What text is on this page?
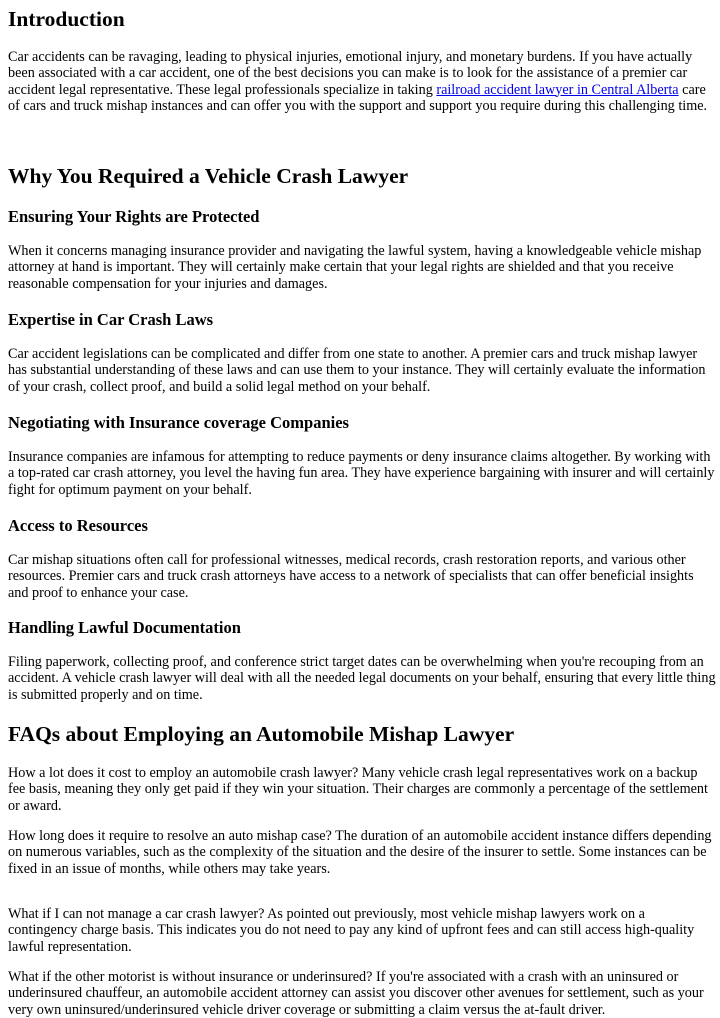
Introduction

Car accidents can be ravaging, leading to physical injuries, emotional injury, and monetary burdens. If you have actually been associated with a car accident, one of the best decisions you can make is to look for the assistance of a premier car accident legal representative. These legal professionals specialize in taking railroad accident lawyer in Central Alberta care of cars and truck mishap instances and can offer you with the support and support you require during this challenging time.

Why You Required a Vehicle Crash Lawyer
Ensuring Your Rights are Protected

When it concerns managing insurance provider and navigating the lawful system, having a knowledgeable vehicle mishap attorney at hand is important. They will certainly make certain that your legal rights are shielded and that you receive reasonable compensation for your injuries and damages.

Expertise in Car Crash Laws

Car accident legislations can be complicated and differ from one state to another. A premier cars and truck mishap lawyer has substantial understanding of these laws and can use them to your instance. They will certainly evaluate the information of your crash, collect proof, and build a solid legal method on your behalf.

Negotiating with Insurance coverage Companies

Insurance companies are infamous for attempting to reduce payments or deny insurance claims altogether. By working with a top-rated car crash attorney, you level the having fun area. They have experience bargaining with insurer and will certainly fight for optimum payment on your behalf.

Access to Resources

Car mishap situations often call for professional witnesses, medical records, crash restoration reports, and various other resources. Premier cars and truck crash attorneys have access to a network of specialists that can offer beneficial insights and proof to enhance your case.

Handling Lawful Documentation

Filing paperwork, collecting proof, and conference strict target dates can be overwhelming when you're recouping from an accident. A vehicle crash lawyer will deal with all the needed legal documents on your behalf, ensuring that every little thing is submitted properly and on time.

FAQs about Employing an Automobile Mishap Lawyer

How a lot does it cost to employ an automobile crash lawyer? Many vehicle crash legal representatives work on a backup fee basis, meaning they only get paid if they win your situation. Their charges are commonly a percentage of the settlement or award.

How long does it require to resolve an auto mishap case? The duration of an automobile accident instance differs depending on numerous variables, such as the complexity of the situation and the desire of the insurer to settle. Some instances can be fixed in an issue of months, while others may take years.

What if I can not manage a car crash lawyer? As pointed out previously, most vehicle mishap lawyers work on a contingency charge basis. This indicates you do not need to pay any kind of upfront fees and can still access high-quality lawful representation.

What if the other motorist is without insurance or underinsured? If you're associated with a crash with an uninsured or underinsured chauffeur, an automobile accident attorney can assist you discover other avenues for settlement, such as your very own uninsured/underinsured vehicle driver coverage or submitting a claim versus the at-fault driver.
